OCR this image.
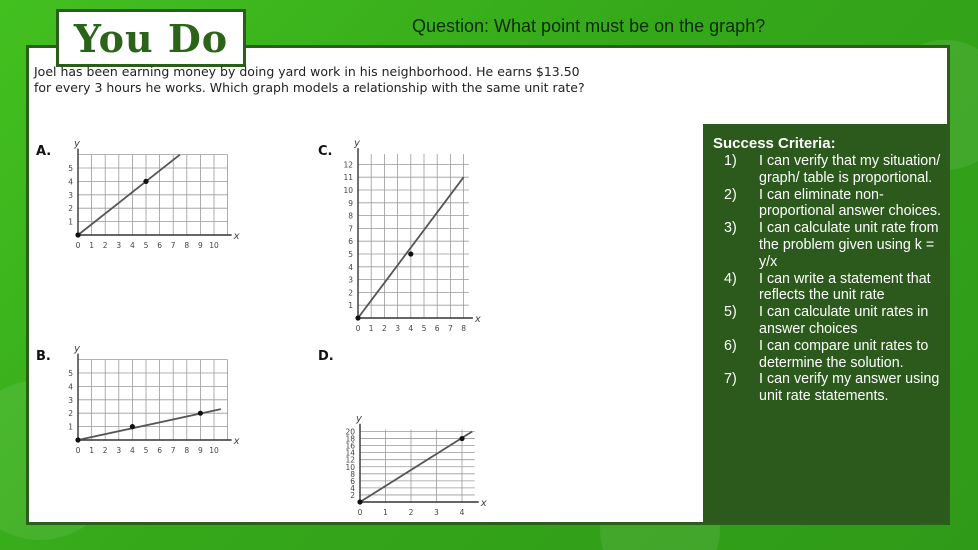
You Do	Question: What point must be on the graph?
Joel has been earning money by doing yard work in his neighborhood. He earns $13.50 for every 3 hours he works. Which graph models a relationship with the same unit rate?
A.
x
y
0 1 2 3 4 5 6 7 8 9 10
1
2
3
4
5
C.
x
y
0 1 2 3 4 5 6 7 8
1
2
3
4
5
6
7
8
9
10
11
12
B.
x
y
0 1 2 3 4 5 6 7 8 9 10
1
2
3
4
5
D.
x
y
0	1	2	3	4
2
4
6
8
10
12
14
16
18
20
Success Criteria:
1)	I can verify that my situation/ graph/ table is proportional.
2)	I can eliminate non-proportional answer choices.
3)	I can calculate unit rate from the problem given using k = y/x
4)	I can write a statement that reflects the unit rate
5)	I can calculate unit rates in answer choices
6)	I can compare unit rates to determine the solution.
7)	I can verify my answer using unit rate statements.
